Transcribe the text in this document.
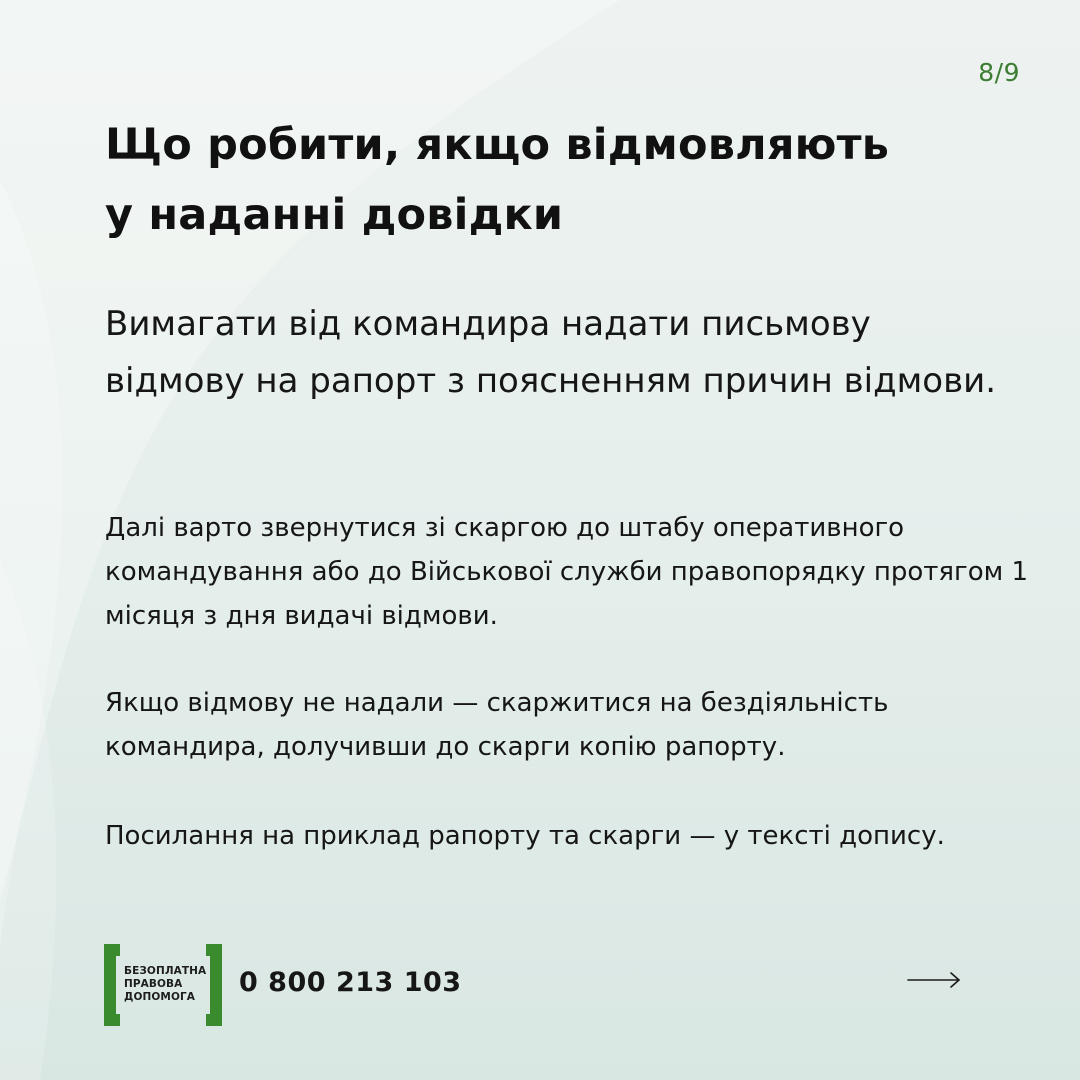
8/9
Що робити, якщо відмовляють
у наданні довідки

Вимагати від командира надати письмову відмову на рапорт з поясненням причин відмови.

Далі варто звернутися зі скаргою до штабу оперативного командування або до Військової служби правопорядку протягом 1 місяця з дня видачі відмови.

Якщо відмову не надали — скаржитися на бездіяльність командира, долучивши до скарги копію рапорту.

Посилання на приклад рапорту та скарги — у тексті допису.

БЕЗОПЛАТНА
ПРАВОВА
ДОПОМОГА	0 800 213 103
